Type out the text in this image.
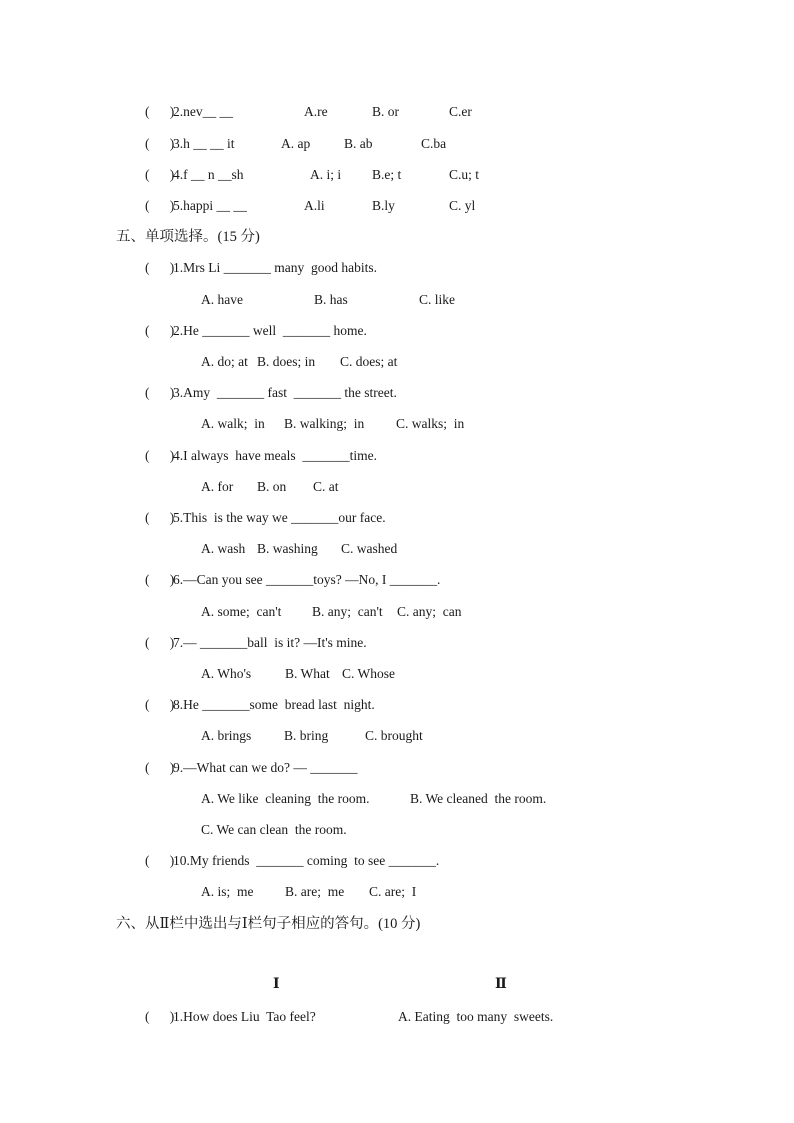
(      )
2.nev__ __	A.re	B. or	C.er
(      )
3.h __ __ it	A. ap	B. ab	C.ba
(      )
4.f __ n __sh	A. i; i B.e; t	C.u; t
(      )
5.happi __ __	A.li	B.ly	C. yl
五、单项选择。(15 分)
(      )
1.Mrs Li _______ many  good habits.
A. have	B. has	C. like
(      )
2.He _______ well  _______ home.
A. do; at B. does; in C. does; at
(      )
3.Amy  _______ fast  _______ the street.
A. walk;  in B. walking;  in C. walks;  in
(      )
4.I always  have meals  _______time.
A. for B. on C. at
(      )
5.This  is the way we _______our face.
A. wash B. washing C. washed
(      )
6.—Can you see _______toys? —No, I _______.
A. some;  can't B. any;  can't C. any;  can
(      )
7.— _______ball  is it? —It's mine.
A. Who's	B. What C. Whose
(      )
8.He _______some  bread last  night.
A. brings B. bring	C. brought
(      )
9.—What can we do? — _______
A. We like  cleaning  the room.	B. We cleaned  the room.
C. We can clean  the room.
(      )
10.My friends  _______ coming  to see _______.
A. is;  me B. are;  me C. are;  I
六、从Ⅱ栏中选出与Ⅰ栏句子相应的答句。(10 分)
Ⅰ	Ⅱ
(      )
1.How does Liu  Tao feel?	A. Eating  too many  sweets.
